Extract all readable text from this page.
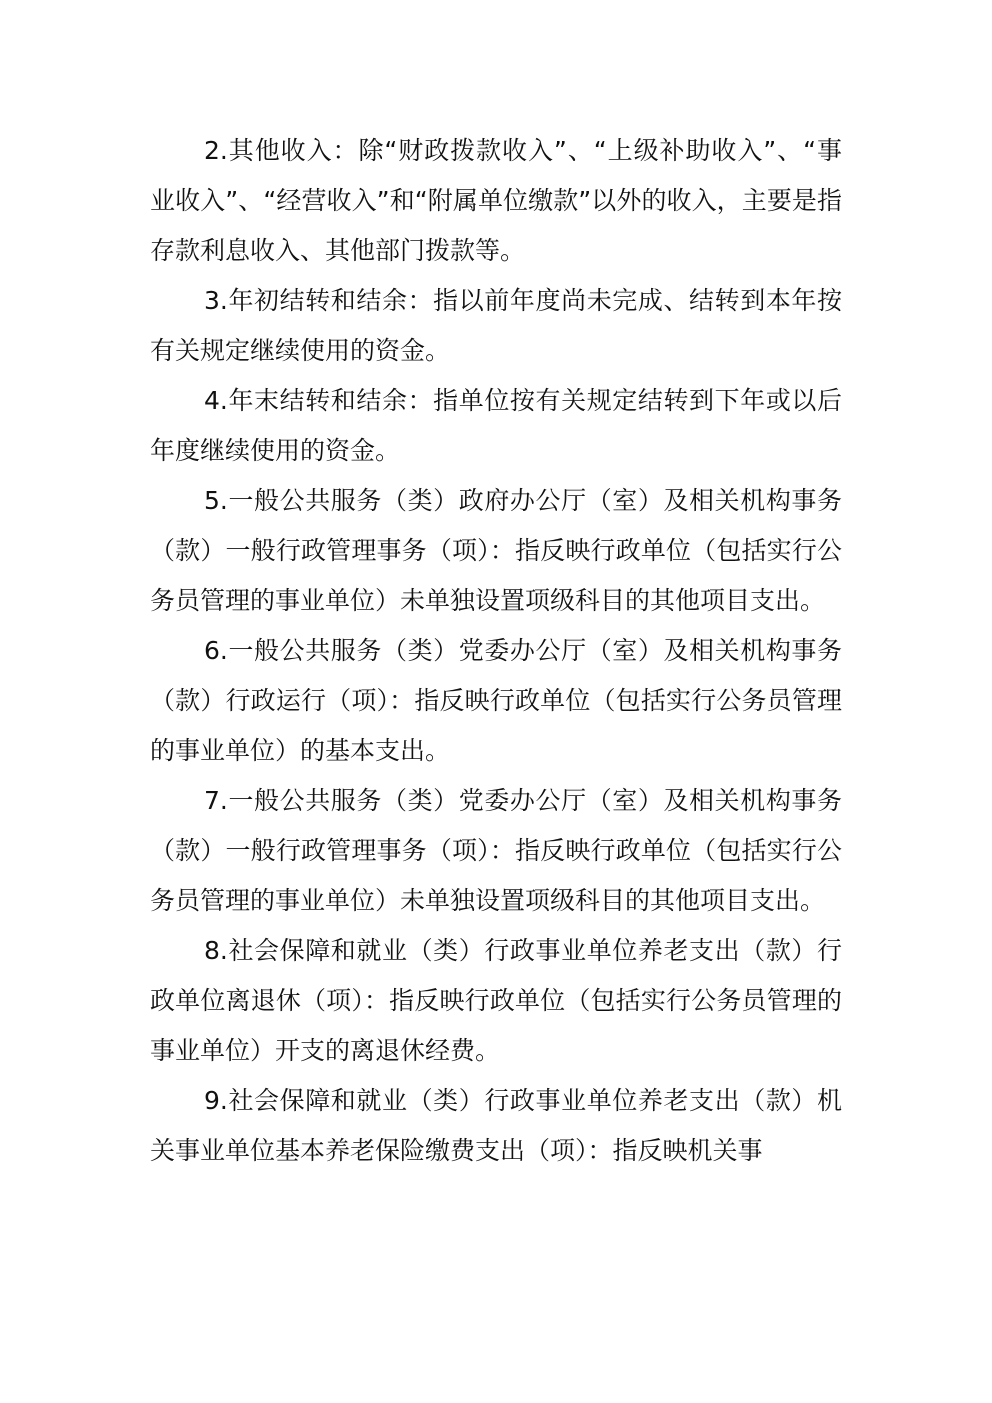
2.其他收入：除“财政拨款收入”、“上级补助收入”、“事业收入”、“经营收入”和“附属单位缴款”以外的收入，主要是指存款利息收入、其他部门拨款等。

3.年初结转和结余：指以前年度尚未完成、结转到本年按有关规定继续使用的资金。

4.年末结转和结余：指单位按有关规定结转到下年或以后年度继续使用的资金。

5.一般公共服务（类）政府办公厅（室）及相关机构事务（款）一般行政管理事务（项）：指反映行政单位（包括实行公务员管理的事业单位）未单独设置项级科目的其他项目支出。

6.一般公共服务（类）党委办公厅（室）及相关机构事务（款）行政运行（项）：指反映行政单位（包括实行公务员管理的事业单位）的基本支出。

7.一般公共服务（类）党委办公厅（室）及相关机构事务（款）一般行政管理事务（项）：指反映行政单位（包括实行公务员管理的事业单位）未单独设置项级科目的其他项目支出。

8.社会保障和就业（类）行政事业单位养老支出（款）行政单位离退休（项）：指反映行政单位（包括实行公务员管理的事业单位）开支的离退休经费。

9.社会保障和就业（类）行政事业单位养老支出（款）机关事业单位基本养老保险缴费支出（项）：指反映机关事
